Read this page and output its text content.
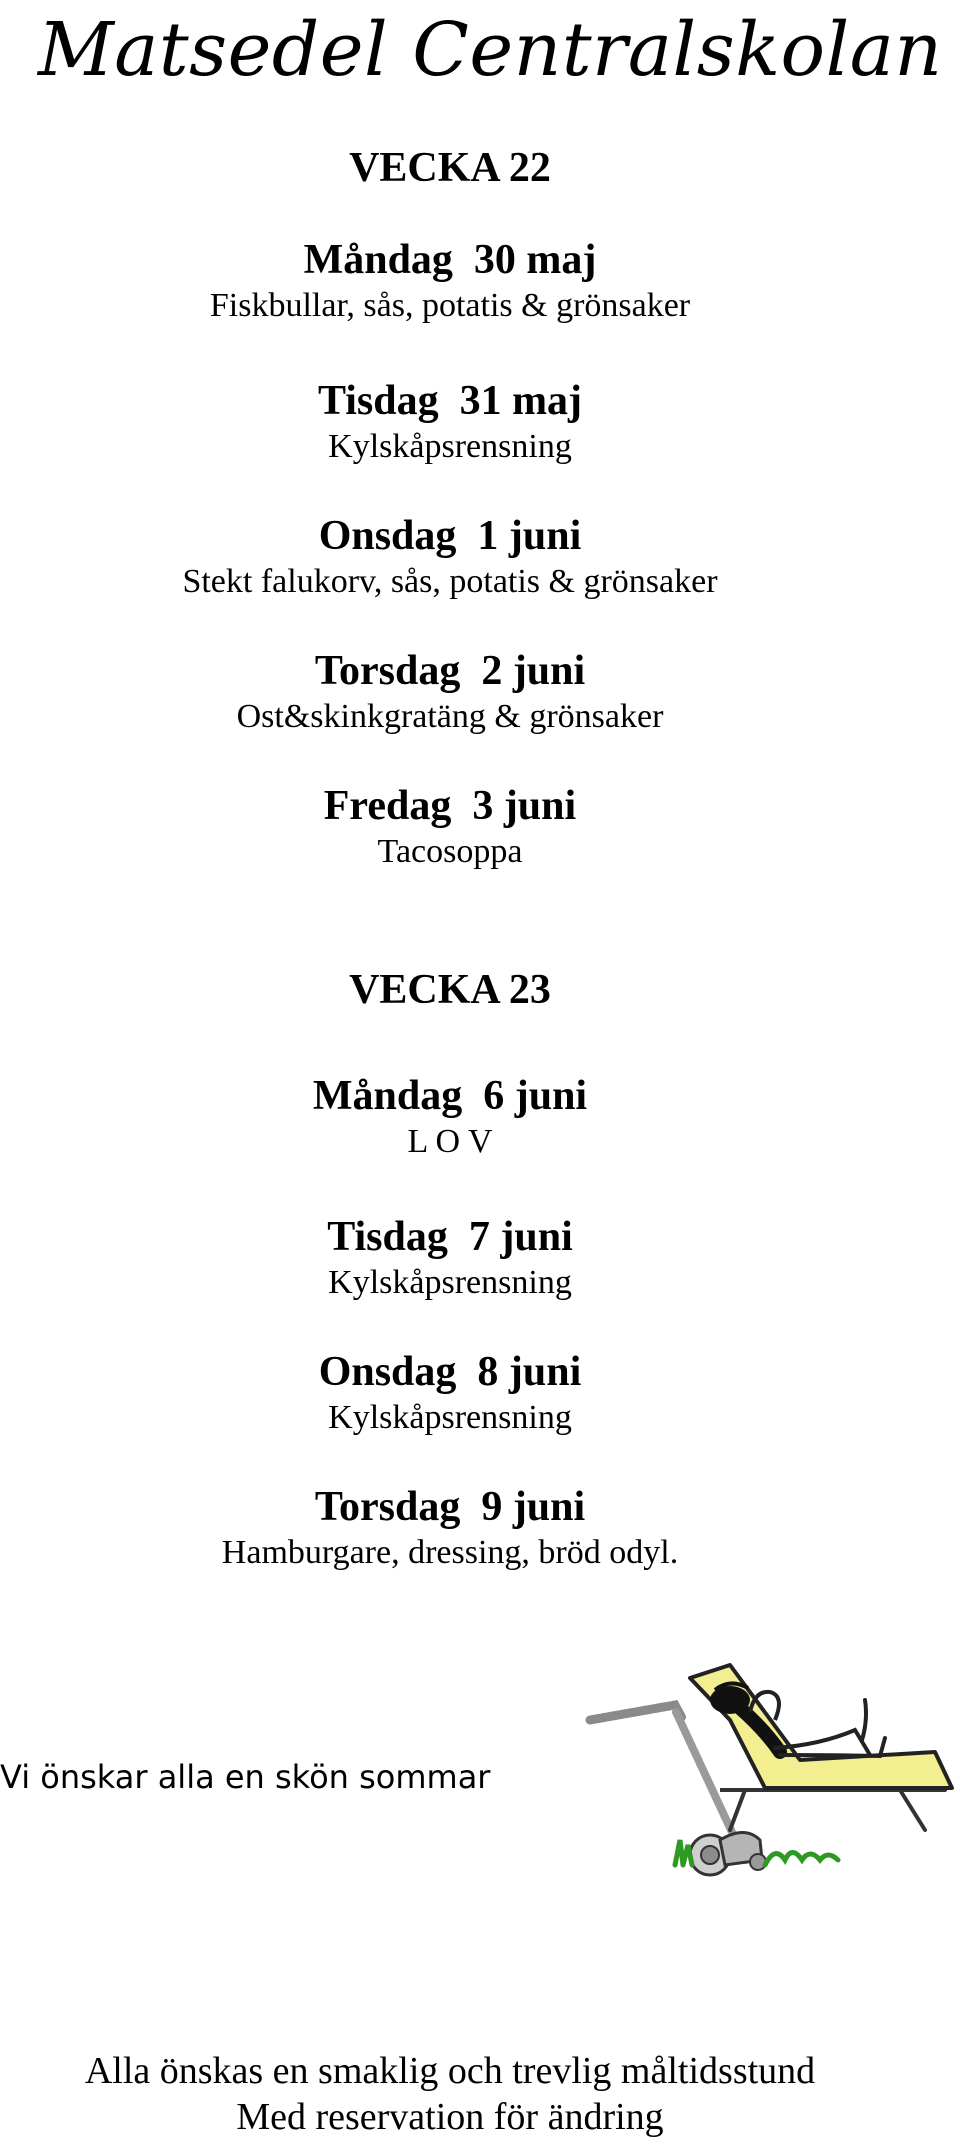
Matsedel Centralskolan
VECKA 22
Måndag  30 maj
Fiskbullar, sås, potatis & grönsaker
Tisdag  31 maj
Kylskåpsrensning
Onsdag  1 juni
Stekt falukorv, sås, potatis & grönsaker
Torsdag  2 juni
Ost&skinkgratäng & grönsaker
Fredag  3 juni
Tacosoppa
VECKA 23
Måndag  6 juni
L O V
Tisdag  7 juni
Kylskåpsrensning
Onsdag  8 juni
Kylskåpsrensning
Torsdag  9 juni
Hamburgare, dressing, bröd odyl.
Vi önskar alla en skön sommar
Alla önskas en smaklig och trevlig måltidsstund
Med reservation för ändring
